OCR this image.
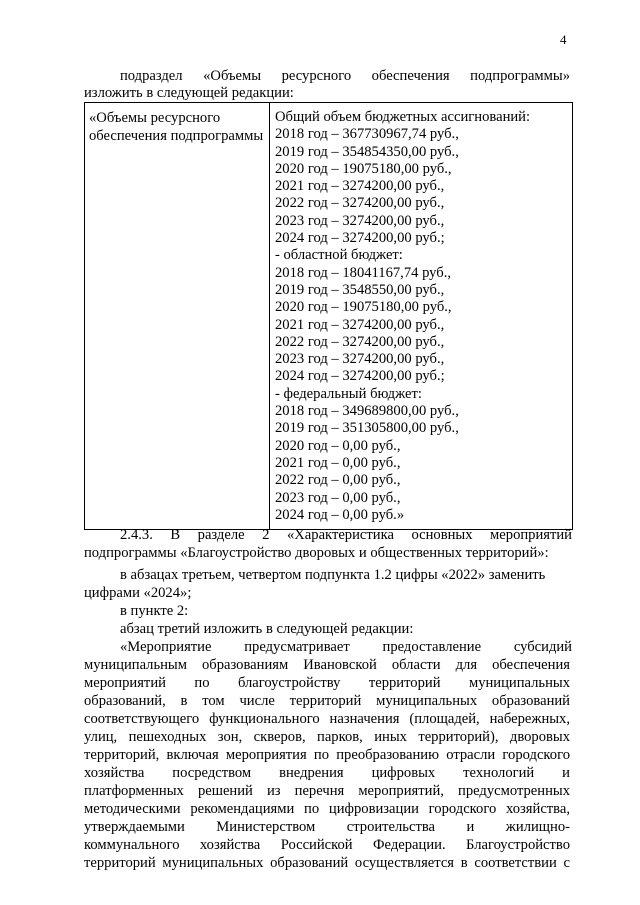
4
подраздел «Объемы ресурсного обеспечения подпрограммы»
изложить в следующей редакции:
«Объемы ресурсного
обеспечения подпрограммы
Общий объем бюджетных ассигнований:
2018 год – 367730967,74 руб.,
2019 год – 354854350,00 руб.,
2020 год – 19075180,00 руб.,
2021 год – 3274200,00 руб.,
2022 год – 3274200,00 руб.,
2023 год – 3274200,00 руб.,
2024 год – 3274200,00 руб.;
- областной бюджет:
2018 год – 18041167,74 руб.,
2019 год – 3548550,00 руб.,
2020 год – 19075180,00 руб.,
2021 год – 3274200,00 руб.,
2022 год – 3274200,00 руб.,
2023 год – 3274200,00 руб.,
2024 год – 3274200,00 руб.;
- федеральный бюджет:
2018 год – 349689800,00 руб.,
2019 год – 351305800,00 руб.,
2020 год – 0,00 руб.,
2021 год – 0,00 руб.,
2022 год – 0,00 руб.,
2023 год – 0,00 руб.,
2024 год – 0,00 руб.»
2.4.3. В разделе 2 «Характеристика основных мероприятий
подпрограммы «Благоустройство дворовых и общественных территорий»:
в абзацах третьем, четвертом подпункта 1.2 цифры «2022» заменить
цифрами «2024»;
в пункте 2:
абзац третий изложить в следующей редакции:
«Мероприятие предусматривает предоставление субсидий
муниципальным образованиям Ивановской области для обеспечения
мероприятий по благоустройству территорий муниципальных
образований, в том числе территорий муниципальных образований
соответствующего функционального назначения (площадей, набережных,
улиц, пешеходных зон, скверов, парков, иных территорий), дворовых
территорий, включая мероприятия по преобразованию отрасли городского
хозяйства посредством внедрения цифровых технологий и
платформенных решений из перечня мероприятий, предусмотренных
методическими рекомендациями по цифровизации городского хозяйства,
утверждаемыми Министерством строительства и жилищно-
коммунального хозяйства Российской Федерации. Благоустройство
территорий муниципальных образований осуществляется в соответствии с
